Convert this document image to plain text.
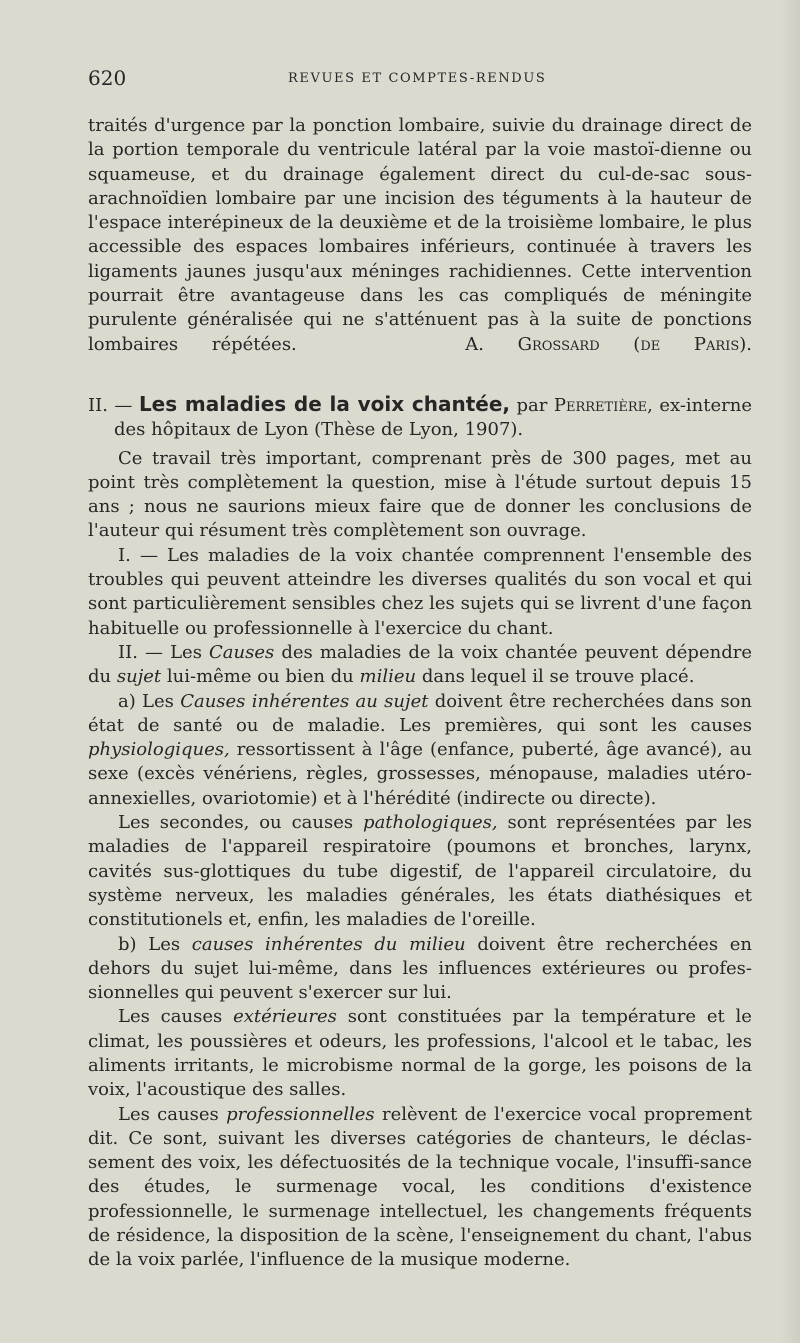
620	REVUES ET COMPTES-RENDUS

traités d'urgence par la ponction lombaire, suivie du drainage direct de la portion temporale du ventricule latéral par la voie mastoï-dienne ou squameuse, et du drainage également direct du cul-de-sac sous-arachnoïdien lombaire par une incision des téguments à la hauteur de l'espace interépineux de la deuxième et de la troisième lombaire, le plus accessible des espaces lombaires inférieurs, continuée à travers les ligaments jaunes jusqu'aux méninges rachidiennes. Cette intervention pourrait être avantageuse dans les cas compliqués de méningite purulente généralisée qui ne s'atténuent pas à la suite de ponctions lombaires répétées.	A. Grossard (de Paris).

II. — Les maladies de la voix chantée, par Perretière, ex-interne des hôpitaux de Lyon (Thèse de Lyon, 1907).

Ce travail très important, comprenant près de 300 pages, met au point très complètement la question, mise à l'étude surtout depuis 15 ans ; nous ne saurions mieux faire que de donner les conclusions de l'auteur qui résument très complètement son ouvrage.

I. — Les maladies de la voix chantée comprennent l'ensemble des troubles qui peuvent atteindre les diverses qualités du son vocal et qui sont particulièrement sensibles chez les sujets qui se livrent d'une façon habituelle ou professionnelle à l'exercice du chant.

II. — Les Causes des maladies de la voix chantée peuvent dépendre du sujet lui-même ou bien du milieu dans lequel il se trouve placé.

a) Les Causes inhérentes au sujet doivent être recherchées dans son état de santé ou de maladie. Les premières, qui sont les causes physiologiques, ressortissent à l'âge (enfance, puberté, âge avancé), au sexe (excès vénériens, règles, grossesses, ménopause, maladies utéro-annexielles, ovariotomie) et à l'hérédité (indirecte ou directe).

Les secondes, ou causes pathologiques, sont représentées par les maladies de l'appareil respiratoire (poumons et bronches, larynx, cavités sus-glottiques du tube digestif, de l'appareil circulatoire, du système nerveux, les maladies générales, les états diathésiques et constitutionels et, enfin, les maladies de l'oreille.

b) Les causes inhérentes du milieu doivent être recherchées en dehors du sujet lui-même, dans les influences extérieures ou profes-sionnelles qui peuvent s'exercer sur lui.

Les causes extérieures sont constituées par la température et le climat, les poussières et odeurs, les professions, l'alcool et le tabac, les aliments irritants, le microbisme normal de la gorge, les poisons de la voix, l'acoustique des salles.

Les causes professionnelles relèvent de l'exercice vocal proprement dit. Ce sont, suivant les diverses catégories de chanteurs, le déclas-sement des voix, les défectuosités de la technique vocale, l'insuffi-sance des études, le surmenage vocal, les conditions d'existence professionnelle, le surmenage intellectuel, les changements fréquents de résidence, la disposition de la scène, l'enseignement du chant, l'abus de la voix parlée, l'influence de la musique moderne.
